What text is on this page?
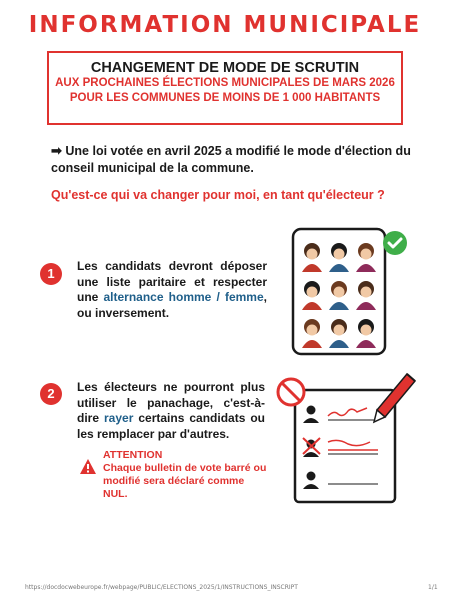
INFORMATION MUNICIPALE
CHANGEMENT DE MODE DE SCRUTIN
AUX PROCHAINES ÉLECTIONS MUNICIPALES DE MARS 2026
POUR LES COMMUNES DE MOINS DE 1 000 HABITANTS
➡ Une loi votée en avril 2025 a modifié le mode d'élection du conseil municipal de la commune.
Qu'est-ce qui va changer pour moi, en tant qu'électeur ?
1	Les candidats devront déposer une liste paritaire et respecter une alternance homme / femme, ou inversement.
2	Les électeurs ne pourront plus utiliser le panachage, c'est-à-dire rayer certains candidats ou les remplacer par d'autres.
ATTENTION
Chaque bulletin de vote barré ou modifié sera déclaré comme NUL.
https://docdocwebeurope.fr/webpage/PUBLIC/ELECTIONS_2025/1/INSTRUCTIONS_INSCRIPT	1/1
